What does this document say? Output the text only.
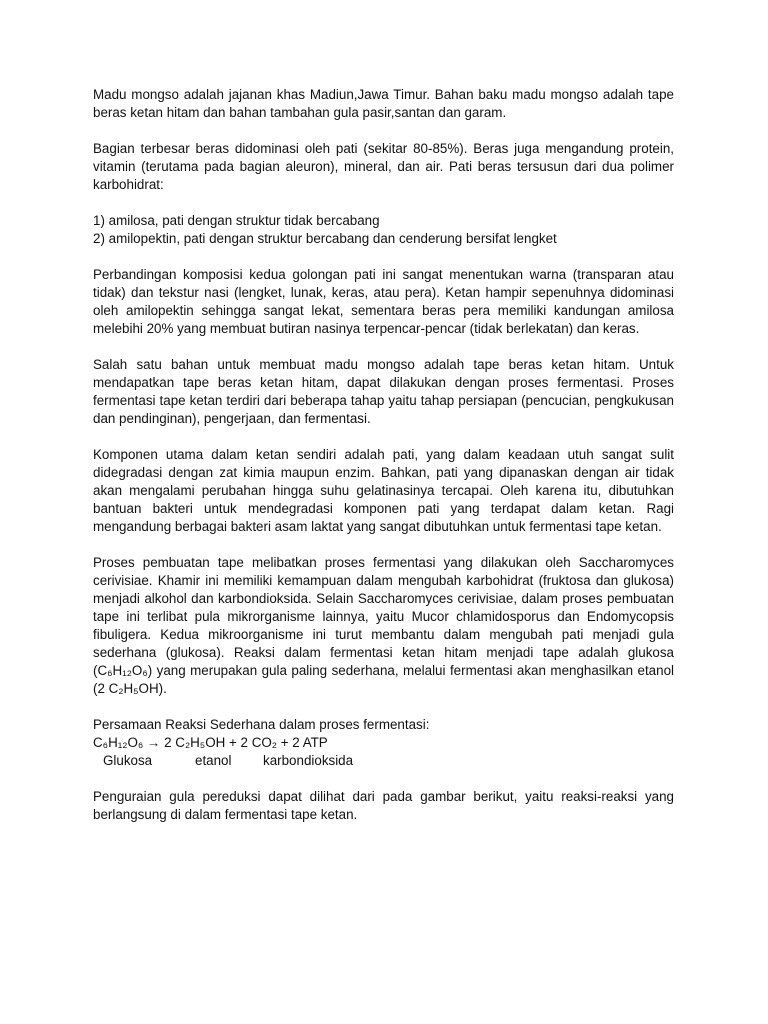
Madu mongso adalah jajanan khas Madiun,Jawa Timur. Bahan baku madu mongso adalah tape beras ketan hitam dan bahan tambahan gula pasir,santan dan garam.

Bagian terbesar beras didominasi oleh pati (sekitar 80-85%). Beras juga mengandung protein, vitamin (terutama pada bagian aleuron), mineral, dan air. Pati beras tersusun dari dua polimer karbohidrat:

1) amilosa, pati dengan struktur tidak bercabang

2) amilopektin, pati dengan struktur bercabang dan cenderung bersifat lengket

Perbandingan komposisi kedua golongan pati ini sangat menentukan warna (transparan atau tidak) dan tekstur nasi (lengket, lunak, keras, atau pera). Ketan hampir sepenuhnya didominasi oleh amilopektin sehingga sangat lekat, sementara beras pera memiliki kandungan amilosa melebihi 20% yang membuat butiran nasinya terpencar-pencar (tidak berlekatan) dan keras.

Salah satu bahan untuk membuat madu mongso adalah tape beras ketan hitam. Untuk mendapatkan tape beras ketan hitam, dapat dilakukan dengan proses fermentasi. Proses fermentasi tape ketan terdiri dari beberapa tahap yaitu tahap persiapan (pencucian, pengkukusan dan pendinginan), pengerjaan, dan fermentasi.

Komponen utama dalam ketan sendiri adalah pati, yang dalam keadaan utuh sangat sulit didegradasi dengan zat kimia maupun enzim. Bahkan, pati yang dipanaskan dengan air tidak akan mengalami perubahan hingga suhu gelatinasinya tercapai. Oleh karena itu, dibutuhkan bantuan bakteri untuk mendegradasi komponen pati yang terdapat dalam ketan. Ragi mengandung berbagai bakteri asam laktat yang sangat dibutuhkan untuk fermentasi tape ketan.

Proses pembuatan tape melibatkan proses fermentasi yang dilakukan oleh Saccharomyces cerivisiae. Khamir ini memiliki kemampuan dalam mengubah karbohidrat (fruktosa dan glukosa) menjadi alkohol dan karbondioksida. Selain Saccharomyces cerivisiae, dalam proses pembuatan tape ini terlibat pula mikrorganisme lainnya, yaitu Mucor chlamidosporus dan Endomycopsis fibuligera. Kedua mikroorganisme ini turut membantu dalam mengubah pati menjadi gula sederhana (glukosa). Reaksi dalam fermentasi ketan hitam menjadi tape adalah glukosa (C₆H₁₂O₆) yang merupakan gula paling sederhana, melalui fermentasi akan menghasilkan etanol (2 C₂H₅OH).

Persamaan Reaksi Sederhana dalam proses fermentasi:

C₆H₁₂O₆ → 2 C₂H₅OH + 2 CO₂ + 2 ATP

Glukosa	etanol	karbondioksida

Penguraian gula pereduksi dapat dilihat dari pada gambar berikut, yaitu reaksi-reaksi yang berlangsung di dalam fermentasi tape ketan.
